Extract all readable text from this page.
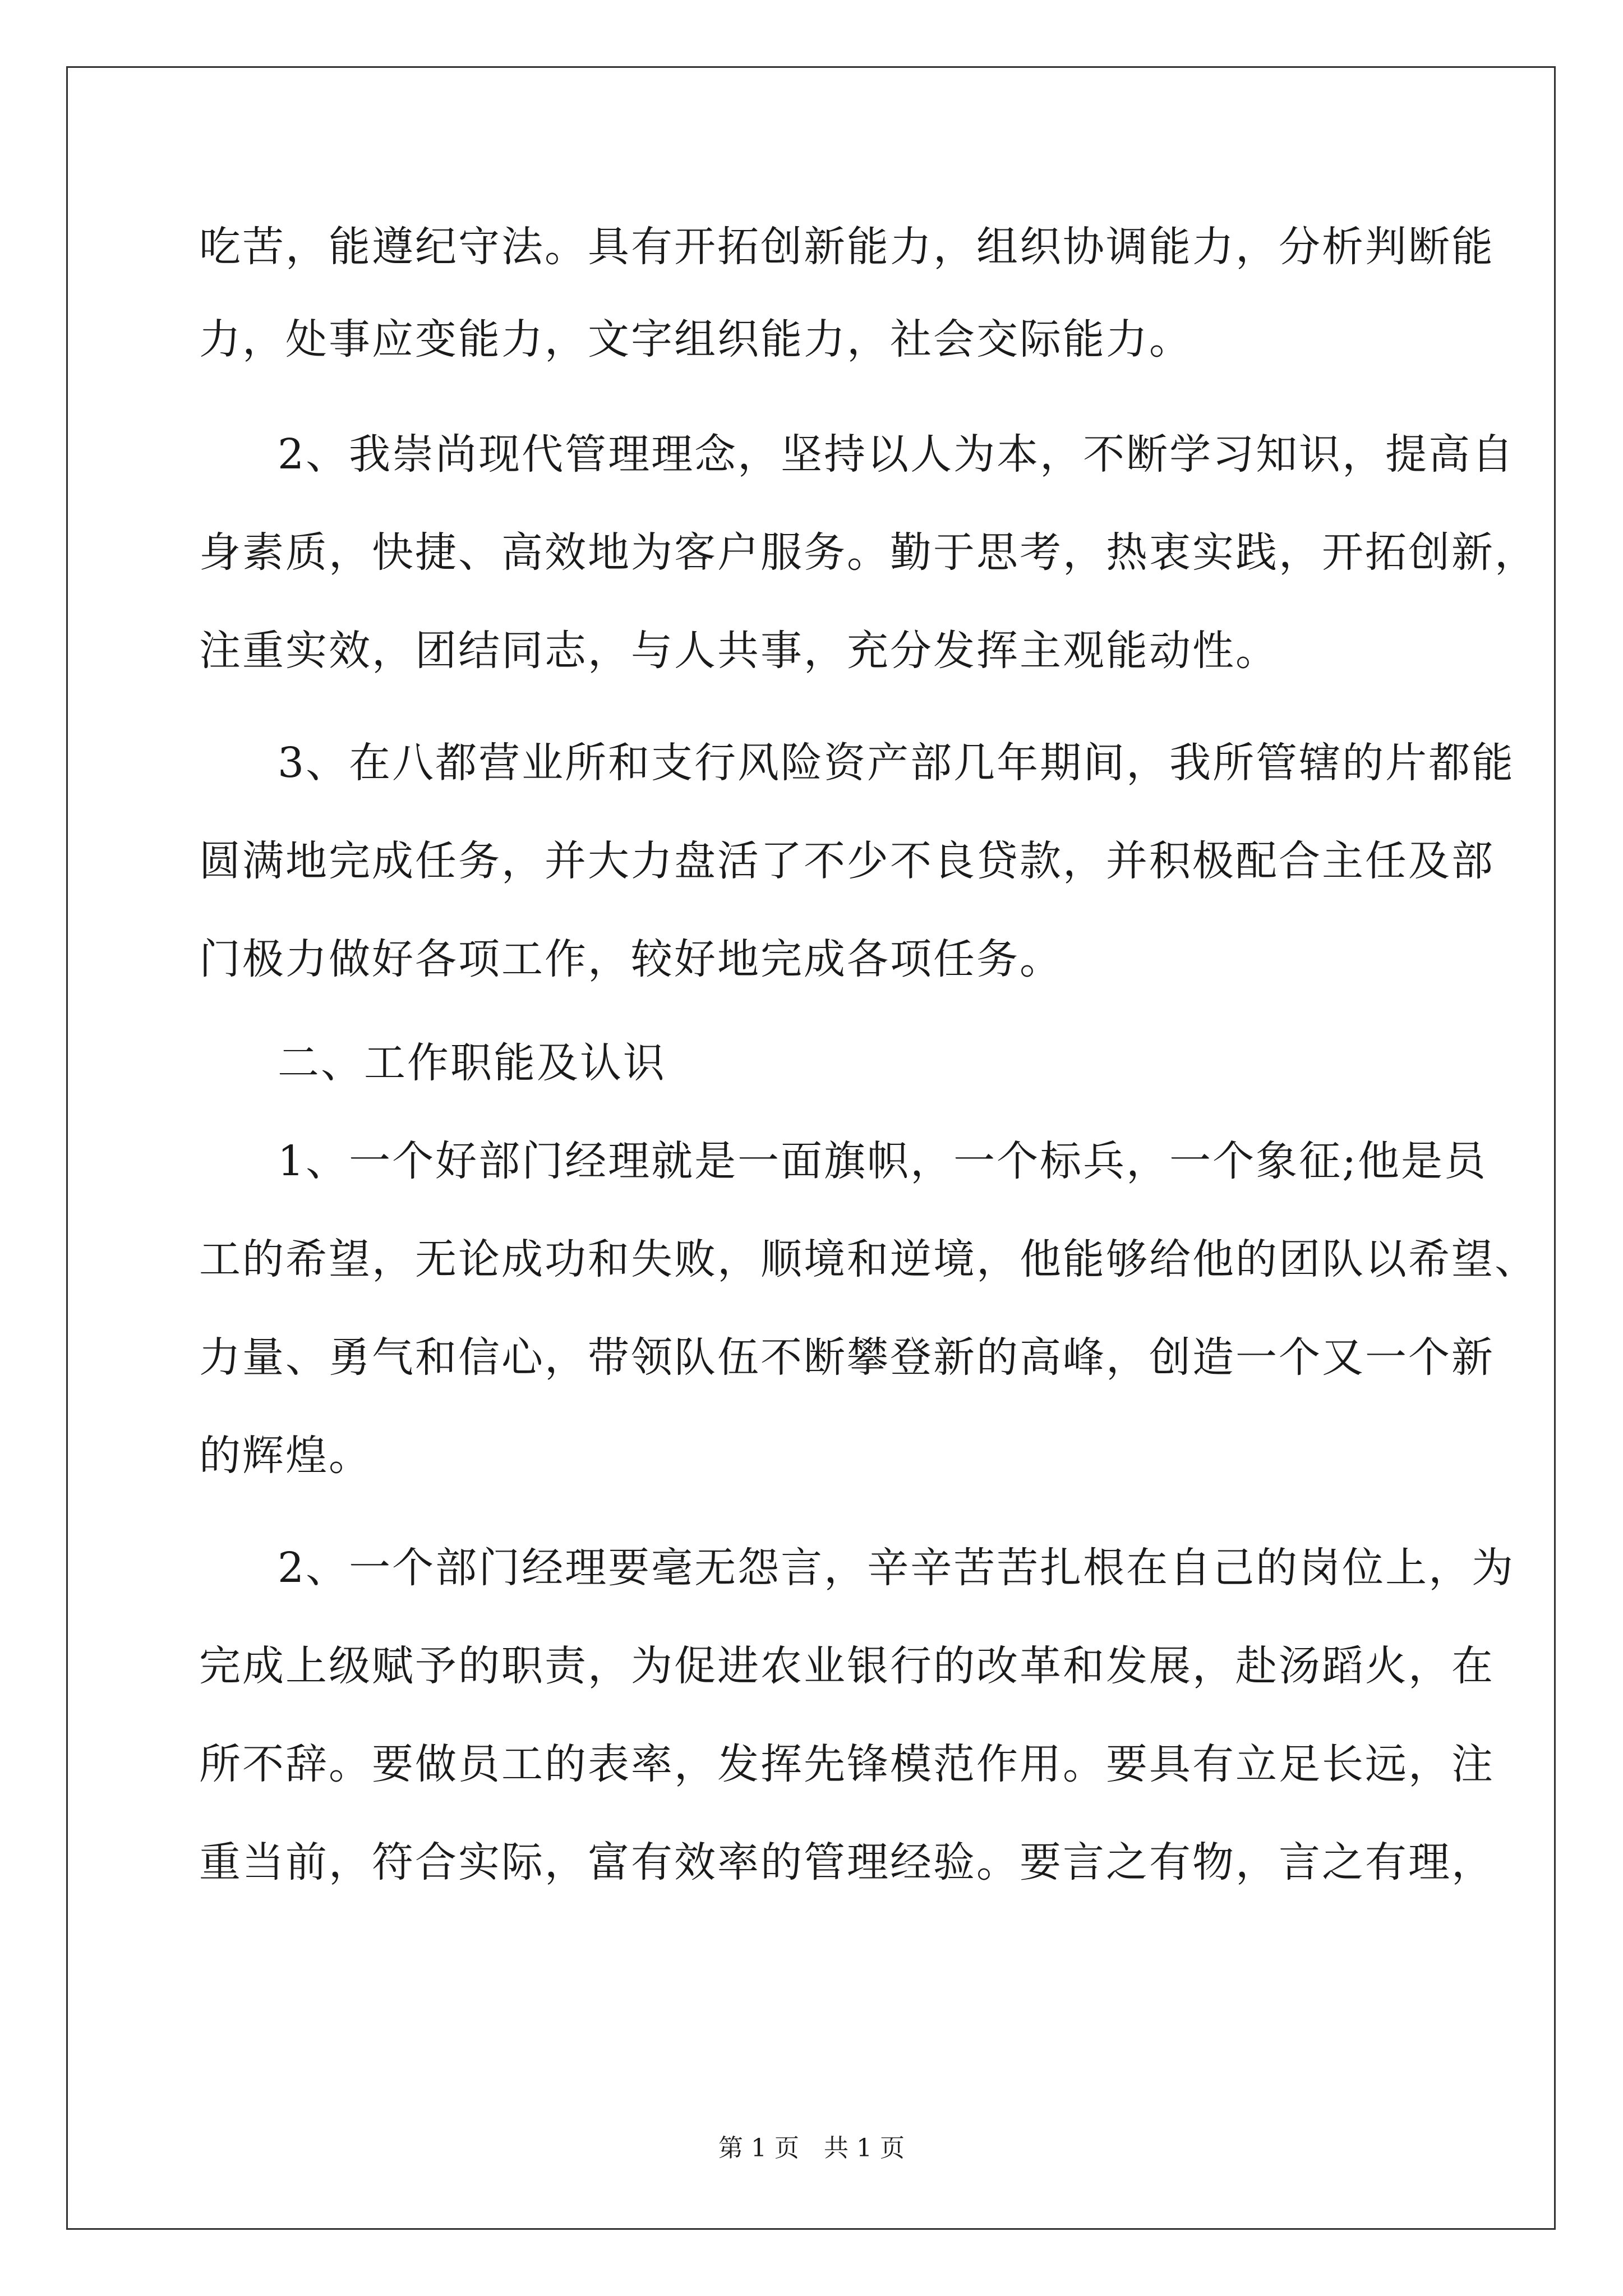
吃苦，能遵纪守法。具有开拓创新能力，组织协调能力，分析判断能

力，处事应变能力，文字组织能力，社会交际能力。

2、我崇尚现代管理理念，坚持以人为本，不断学习知识，提高自

身素质，快捷、高效地为客户服务。勤于思考，热衷实践，开拓创新，

注重实效，团结同志，与人共事，充分发挥主观能动性。

3、在八都营业所和支行风险资产部几年期间，我所管辖的片都能

圆满地完成任务，并大力盘活了不少不良贷款，并积极配合主任及部

门极力做好各项工作，较好地完成各项任务。

二、工作职能及认识

1、一个好部门经理就是一面旗帜，一个标兵，一个象征;他是员

工的希望，无论成功和失败，顺境和逆境，他能够给他的团队以希望、

力量、勇气和信心，带领队伍不断攀登新的高峰，创造一个又一个新

的辉煌。

2、一个部门经理要毫无怨言，辛辛苦苦扎根在自己的岗位上，为

完成上级赋予的职责，为促进农业银行的改革和发展，赴汤蹈火，在

所不辞。要做员工的表率，发挥先锋模范作用。要具有立足长远，注

重当前，符合实际，富有效率的管理经验。要言之有物，言之有理，

第 1 页　共 1 页
